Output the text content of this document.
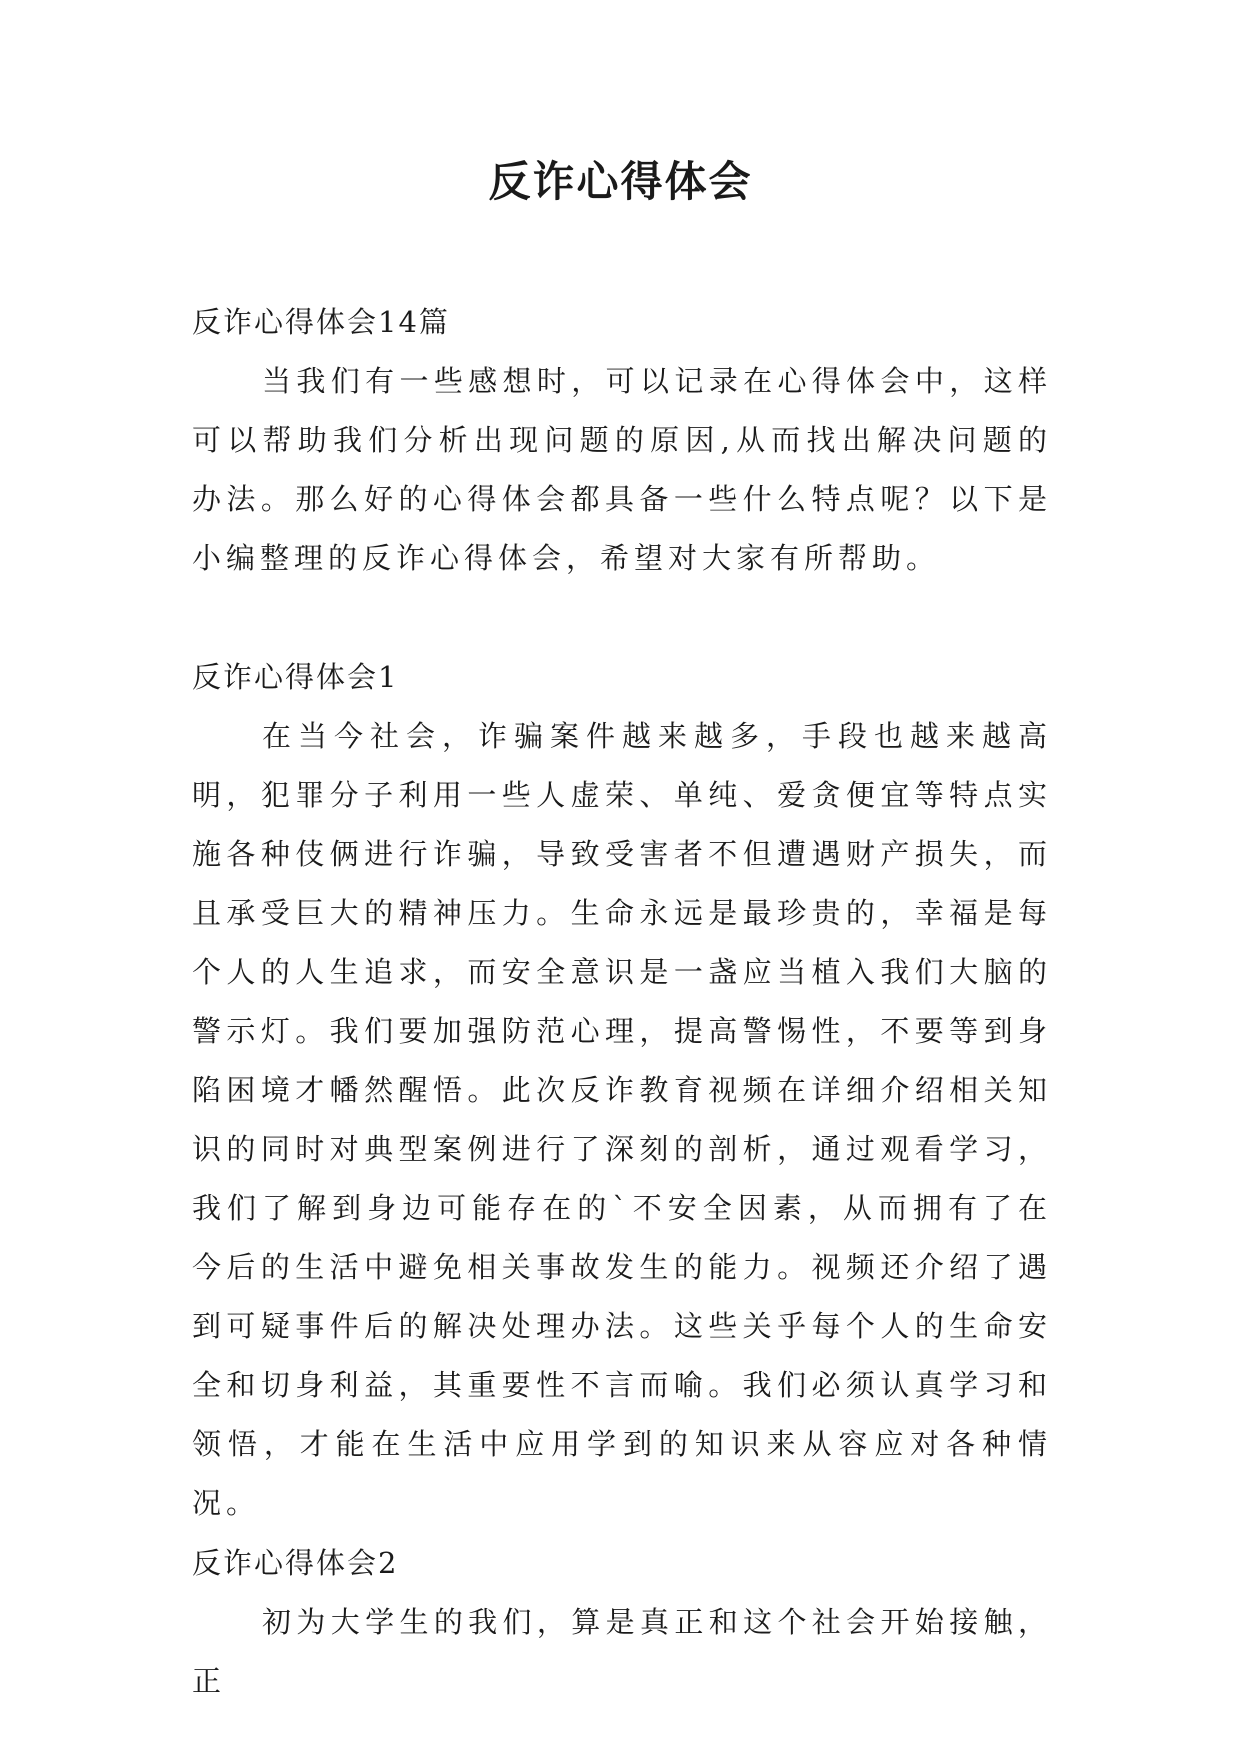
反诈心得体会
反诈心得体会14篇

当我们有一些感想时，可以记录在心得体会中，这样可以帮助我们分析出现问题的原因,从而找出解决问题的办法。那么好的心得体会都具备一些什么特点呢？以下是小编整理的反诈心得体会，希望对大家有所帮助。

反诈心得体会1

在当今社会，诈骗案件越来越多，手段也越来越高明，犯罪分子利用一些人虚荣、单纯、爱贪便宜等特点实施各种伎俩进行诈骗，导致受害者不但遭遇财产损失，而且承受巨大的精神压力。生命永远是最珍贵的，幸福是每个人的人生追求，而安全意识是一盏应当植入我们大脑的警示灯。我们要加强防范心理，提高警惕性，不要等到身陷困境才幡然醒悟。此次反诈教育视频在详细介绍相关知识的同时对典型案例进行了深刻的剖析，通过观看学习，我们了解到身边可能存在的`不安全因素，从而拥有了在今后的生活中避免相关事故发生的能力。视频还介绍了遇到可疑事件后的解决处理办法。这些关乎每个人的生命安全和切身利益，其重要性不言而喻。我们必须认真学习和领悟，才能在生活中应用学到的知识来从容应对各种情况。

反诈心得体会2

初为大学生的我们，算是真正和这个社会开始接触，正
